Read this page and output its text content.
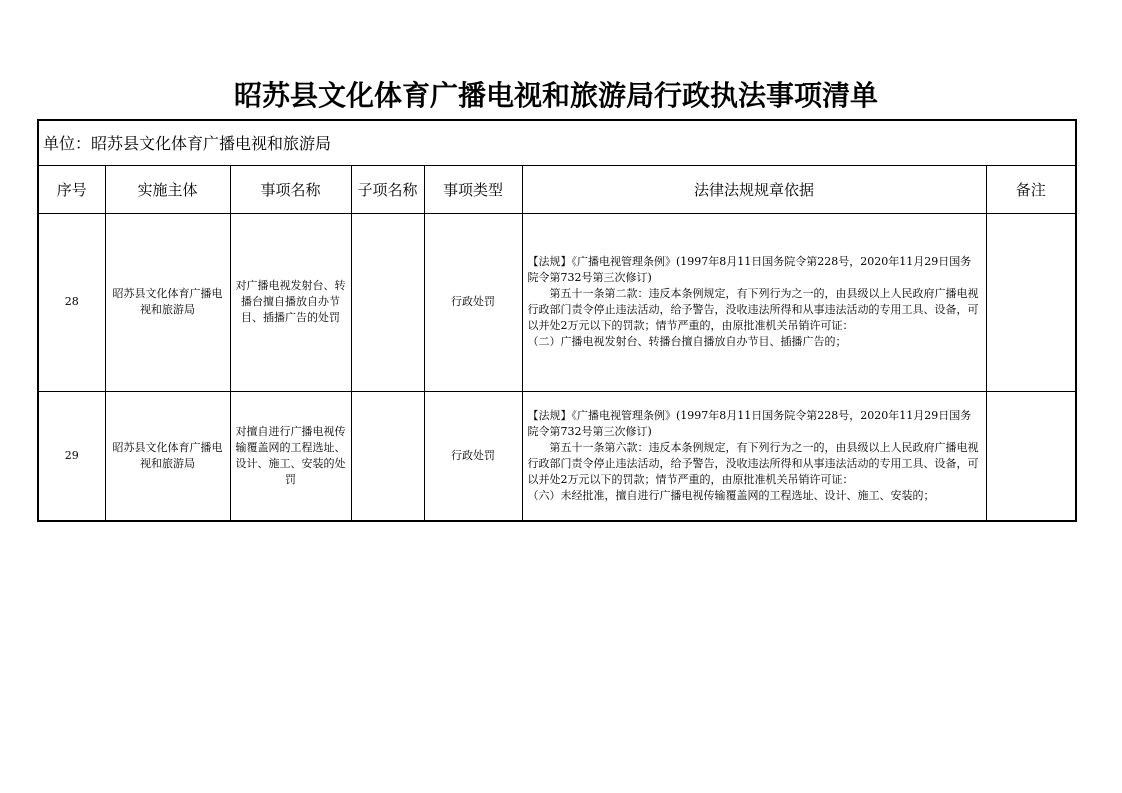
昭苏县文化体育广播电视和旅游局行政执法事项清单
单位：昭苏县文化体育广播电视和旅游局						
序号	实施主体	事项名称	子项名称	事项类型	法律法规规章依据	备注
28	昭苏县文化体育广播电视和旅游局	对广播电视发射台、转播台擅自播放自办节目、插播广告的处罚		行政处罚	【法规】《广播电视管理条例》(1997年8月11日国务院令第228号，2020年11月29日国务院令第732号第三次修订)
第五十一条第二款：违反本条例规定，有下列行为之一的，由县级以上人民政府广播电视行政部门责令停止违法活动，给予警告，没收违法所得和从事违法活动的专用工具、设备，可以并处2万元以下的罚款；情节严重的，由原批准机关吊销许可证：
（二）广播电视发射台、转播台擅自播放自办节目、插播广告的；	

29	昭苏县文化体育广播电视和旅游局	对擅自进行广播电视传输覆盖网的工程选址、设计、施工、安装的处罚		行政处罚	【法规】《广播电视管理条例》(1997年8月11日国务院令第228号，2020年11月29日国务院令第732号第三次修订)
第五十一条第六款：违反本条例规定，有下列行为之一的，由县级以上人民政府广播电视行政部门责令停止违法活动，给予警告，没收违法所得和从事违法活动的专用工具、设备，可以并处2万元以下的罚款；情节严重的，由原批准机关吊销许可证：
（六）未经批准，擅自进行广播电视传输覆盖网的工程选址、设计、施工、安装的；	
